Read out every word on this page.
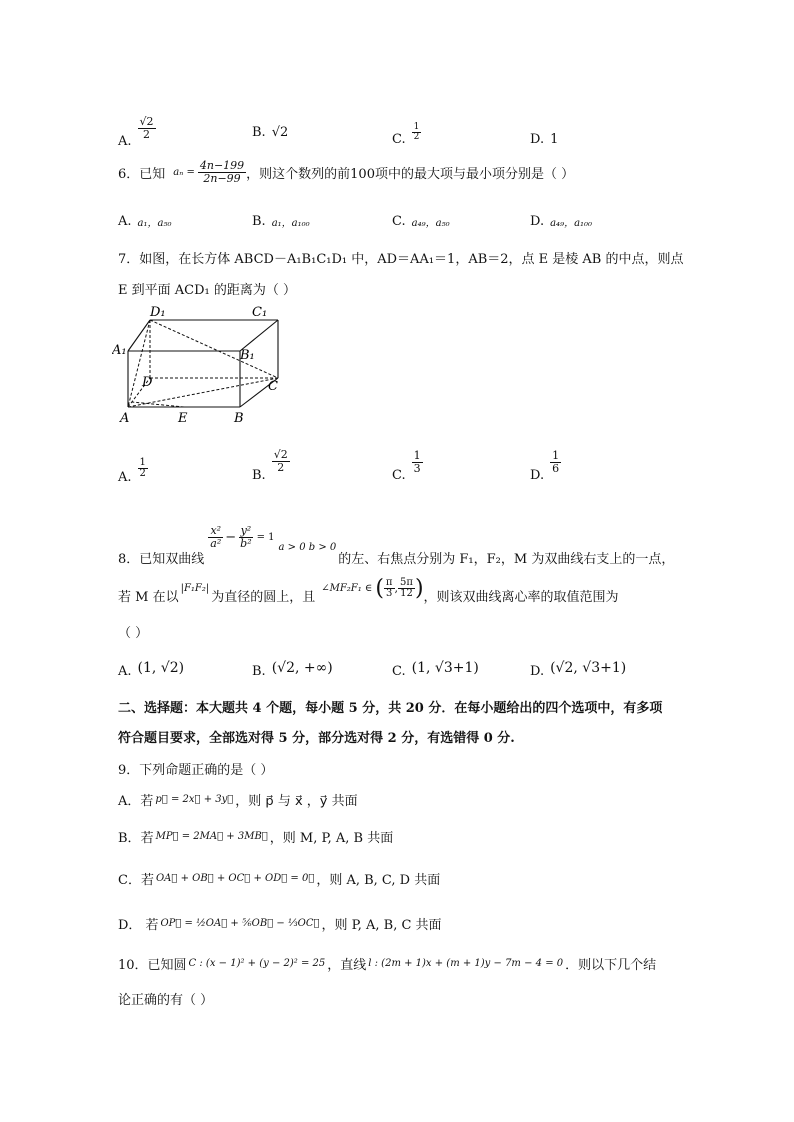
A.
$\frac{√2}{2}$	B. √2	C. $\frac{1}{2}$	D. 1
6．已知 $a_n = \frac{4n-199}{2n-99}$ ，则这个数列的前100项中的最大项与最小项分别是（ ）
A. a₁，a₅₀	B. a₁，a₁₀₀	C. a₄₉，a₅₀	D. a₄₉，a₁₀₀
7．如图，在长方体 ABCD－A₁B₁C₁D₁ 中，AD＝AA₁＝1，AB＝2，点 E 是棱 AB 的中点，则点
E 到平面 ACD₁ 的距离为（ ）
D₁	C₁
A₁	B₁
D	C
A	E	B
A. $\frac{1}{2}$	B.
$\frac{√2}{2}$
C.
$\frac{1}{3}$
D.
$\frac{1}{6}$
8．已知双曲线
$\frac{\text{x²}}{\text{a²}} - \frac{\text{y²}}{\text{b²}} = 1$
a > 0 b > 0
的左、右焦点分别为 F₁，F₂，M 为双曲线右支上的一点，
若 M 在以
|F₁F₂|
为直径的圆上，且
∠MF₂F₁ ∈ ( $\frac{\pi}{3}$ , $\frac{5\pi}{12}$ ) ，则该双曲线离心率的取值范围为
（ ）
A. (1, √2)	B. (√2, +∞)	C. (1, √3+1)	D. (√2, √3+1)
二、选择题：本大题共 4 个题，每小题 5 分，共 20 分．在每小题给出的四个选项中，有多项
符合题目要求，全部选对得 5 分，部分选对得 2 分，有选错得 0 分.
9．下列命题正确的是（ ）
A． 若 p⃗ = 2x⃗ + 3y⃗ ，则 p⃗ 与 x⃗ ，y⃗ 共面
B． 若 MP⃗ = 2MA⃗ + 3MB⃗ ，则 M, P, A, B 共面
C． 若 OA⃗ + OB⃗ + OC⃗ + OD⃗ = 0⃗ ，则 A, B, C, D 共面
D． 若 OP⃗ = ½OA⃗ + ⅚OB⃗ − ⅓OC⃗ ，则 P, A, B, C 共面
10．已知圆 C : (x − 1)² + (y − 2)² = 25 ，直线 l : (2m + 1)x + (m + 1)y − 7m − 4 = 0 ．则以下几个结
论正确的有（ ）
